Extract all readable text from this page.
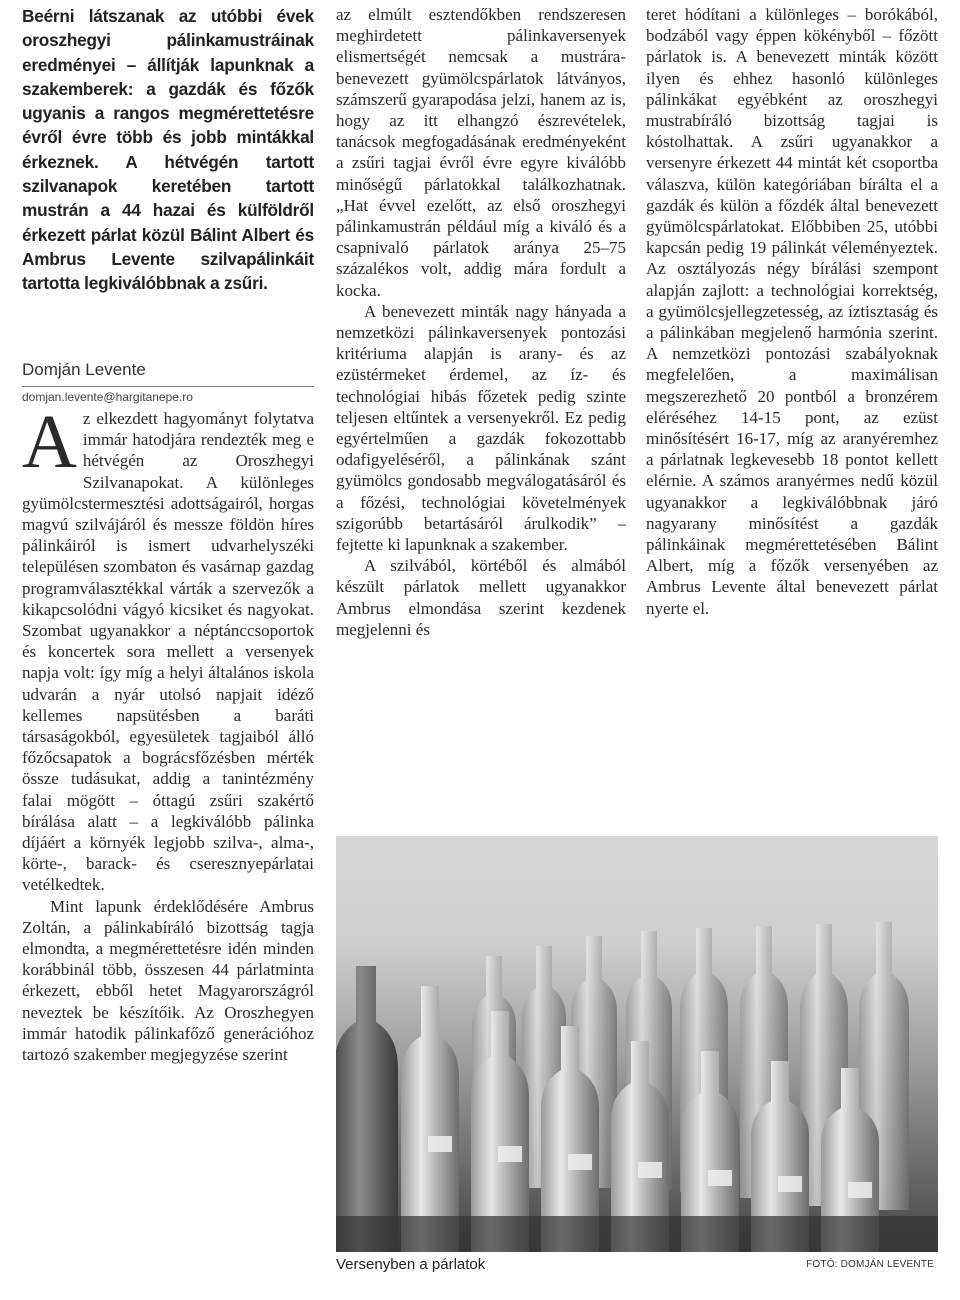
Beérni látszanak az utóbbi évek oroszhegyi pálinkamustráinak eredményei – állítják lapunknak a szakemberek: a gazdák és főzők ugyanis a rangos megmérettetésre évről évre több és jobb mintákkal érkeznek. A hétvégén tartott szilvanapok keretében tartott mustrán a 44 hazai és külföldről érkezett párlat közül Bálint Albert és Ambrus Levente szilvapálinkáit tartotta legkiválóbbnak a zsűri.

Domján Levente
domjan.levente@hargitanepe.ro

Az elkezdett hagyományt folytatva immár hatodjára rendezték meg e hétvégén az Oroszhegyi Szilvanapokat. A különleges gyümölcstermesztési adottságairól, horgas magvú szilvájáról és messze földön híres pálinkáiról is ismert udvarhelyszéki településen szombaton és vasárnap gazdag programválasztékkal várták a szervezők a kikapcsolódni vágyó kicsiket és nagyokat. Szombat ugyanakkor a néptánccsoportok és koncertek sora mellett a versenyek napja volt: így míg a helyi általános iskola udvarán a nyár utolsó napjait idéző kellemes napsütésben a baráti társaságokból, egyesületek tagjaiból álló főzőcsapatok a bográcsfőzésben mérték össze tudásukat, addig a tanintézmény falai mögött – óttagú zsűri szakértő bírálása alatt – a legkiválóbb pálinka díjáért a környék legjobb szilva-, alma-, körte-, barack- és cseresznyepárlatai vetélkedtek.

Mint lapunk érdeklődésére Ambrus Zoltán, a pálinkabíráló bizottság tagja elmondta, a megmérettetésre idén minden korábbinál több, összesen 44 párlatminta érkezett, ebből hetet Magyarországról neveztek be készítőik. Az Oroszhegyen immár hatodik pálinkafőző generációhoz tartozó szakember megjegyzése szerint

az elmúlt esztendőkben rendszeresen meghirdetett pálinkaversenyek elismertségét nemcsak a mustrára-benevezett gyümölcspárlatok látványos, számszerű gyarapodása jelzi, hanem az is, hogy az itt elhangzó észrevételek, tanácsok megfogadásának eredményeként a zsűri tagjai évről évre egyre kiválóbb minőségű párlatokkal találkozhatnak. „Hat évvel ezelőtt, az első oroszhegyi pálinkamustrán például míg a kiváló és a csapnivaló párlatok aránya 25–75 százalékos volt, addig mára fordult a kocka.

A benevezett minták nagy hányada a nemzetközi pálinkaversenyek pontozási kritériuma alapján is arany- és az ezüstérmeket érdemel, az íz- és technológiai hibás főzetek pedig szinte teljesen eltűntek a versenyekről. Ez pedig egyértelműen a gazdák fokozottabb odafigyeléséről, a pálinkának szánt gyümölcs gondosabb megválogatásáról és a főzési, technológiai követelmények szigorúbb betartásáról árulkodik” – fejtette ki lapunknak a szakember.

A szilvából, körtéből és almából készült párlatok mellett ugyanakkor Ambrus elmondása szerint kezdenek megjelenni és

teret hódítani a különleges – borókából, bodzából vagy éppen kökényből – főzött párlatok is. A benevezett minták között ilyen és ehhez hasonló különleges pálinkákat egyébként az oroszhegyi mustrabíráló bizottság tagjai is kóstolhattak. A zsűri ugyanakkor a versenyre érkezett 44 mintát két csoportba válaszva, külön kategóriában bírálta el a gazdák és külön a főzdék által benevezett gyümölcspárlatokat. Előbbiben 25, utóbbi kapcsán pedig 19 pálinkát véleményeztek. Az osztályozás négy bírálási szempont alapján zajlott: a technológiai korrektség, a gyümölcsjellegzetesség, az íztisztaság és a pálinkában megjelenő harmónia szerint. A nemzetközi pontozási szabályoknak megfelelően, a maximálisan megszerezhető 20 pontból a bronzérem eléréséhez 14-15 pont, az ezüst minősítésért 16-17, míg az aranyéremhez a párlatnak legkevesebb 18 pontot kellett elérnie. A számos aranyérmes nedű közül ugyanakkor a legkiválóbbnak járó nagyarany minősítést a gazdák pálinkáinak megmérettetésében Bálint Albert, míg a főzők versenyében az Ambrus Levente által benevezett párlat nyerte el.

Versenyben a párlatok	FOTÓ: DOMJÁN LEVENTE
